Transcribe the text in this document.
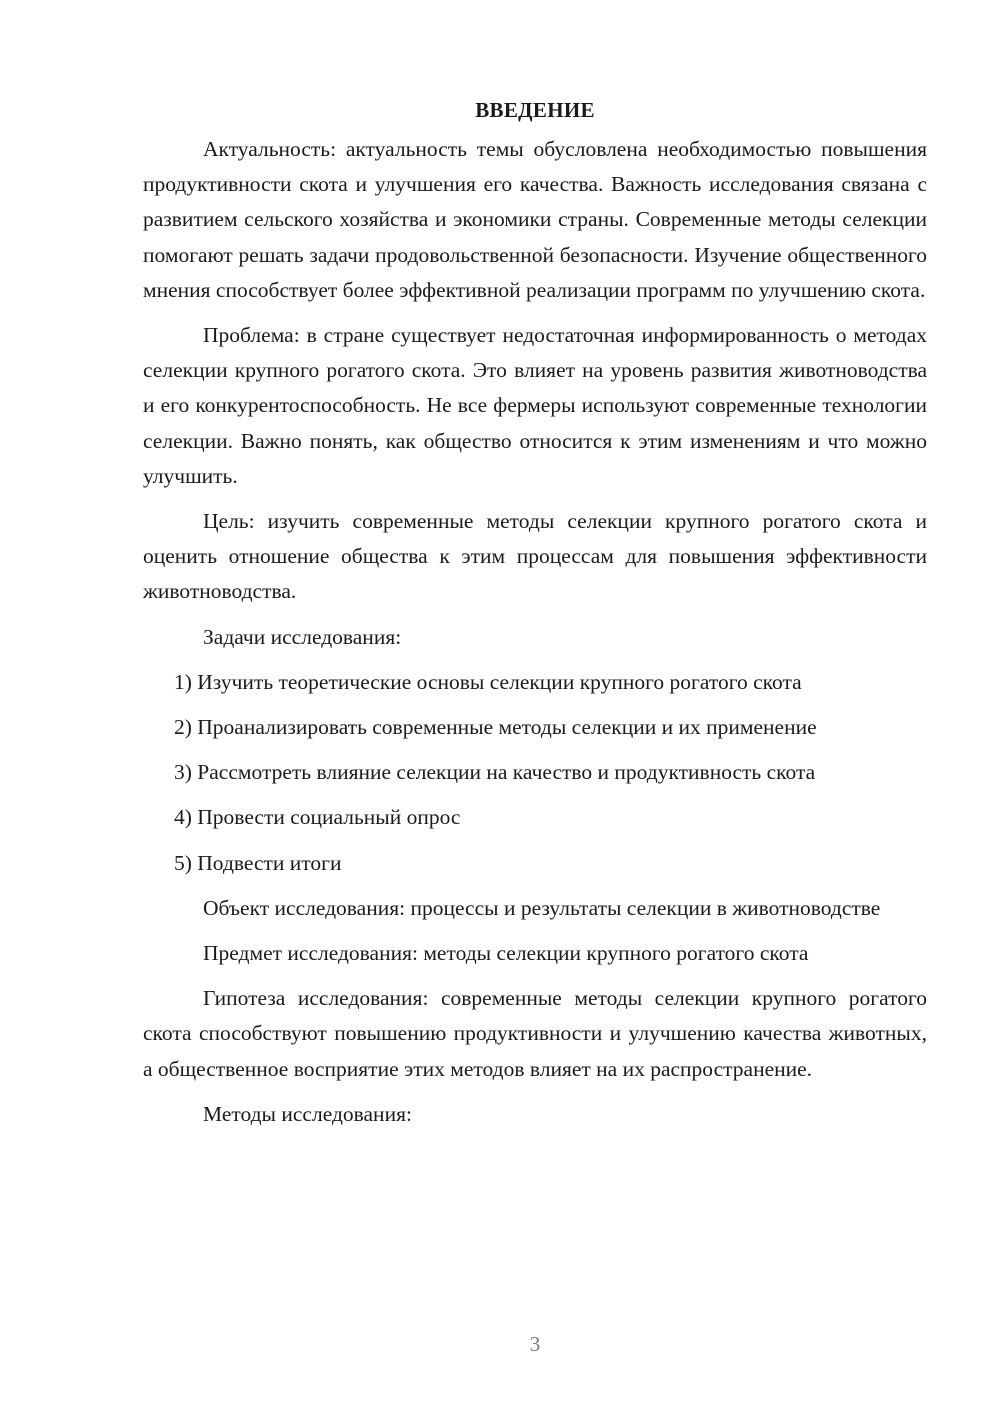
ВВЕДЕНИЕ

Актуальность: актуальность темы обусловлена необходимостью повышения продуктивности скота и улучшения его качества. Важность исследования связана с развитием сельского хозяйства и экономики страны. Современные методы селекции помогают решать задачи продовольственной безопасности. Изучение общественного мнения способствует более эффективной реализации программ по улучшению скота.

Проблема: в стране существует недостаточная информированность о методах селекции крупного рогатого скота. Это влияет на уровень развития животноводства и его конкурентоспособность. Не все фермеры используют современные технологии селекции. Важно понять, как общество относится к этим изменениям и что можно улучшить.

Цель: изучить современные методы селекции крупного рогатого скота и оценить отношение общества к этим процессам для повышения эффективности животноводства.

Задачи исследования:

1) Изучить теоретические основы селекции крупного рогатого скота
2) Проанализировать современные методы селекции и их применение
3) Рассмотреть влияние селекции на качество и продуктивность скота
4) Провести социальный опрос
5) Подвести итоги

Объект исследования: процессы и результаты селекции в животноводстве

Предмет исследования: методы селекции крупного рогатого скота

Гипотеза исследования: современные методы селекции крупного рогатого скота способствуют повышению продуктивности и улучшению качества животных, а общественное восприятие этих методов влияет на их распространение.

Методы исследования:

3
